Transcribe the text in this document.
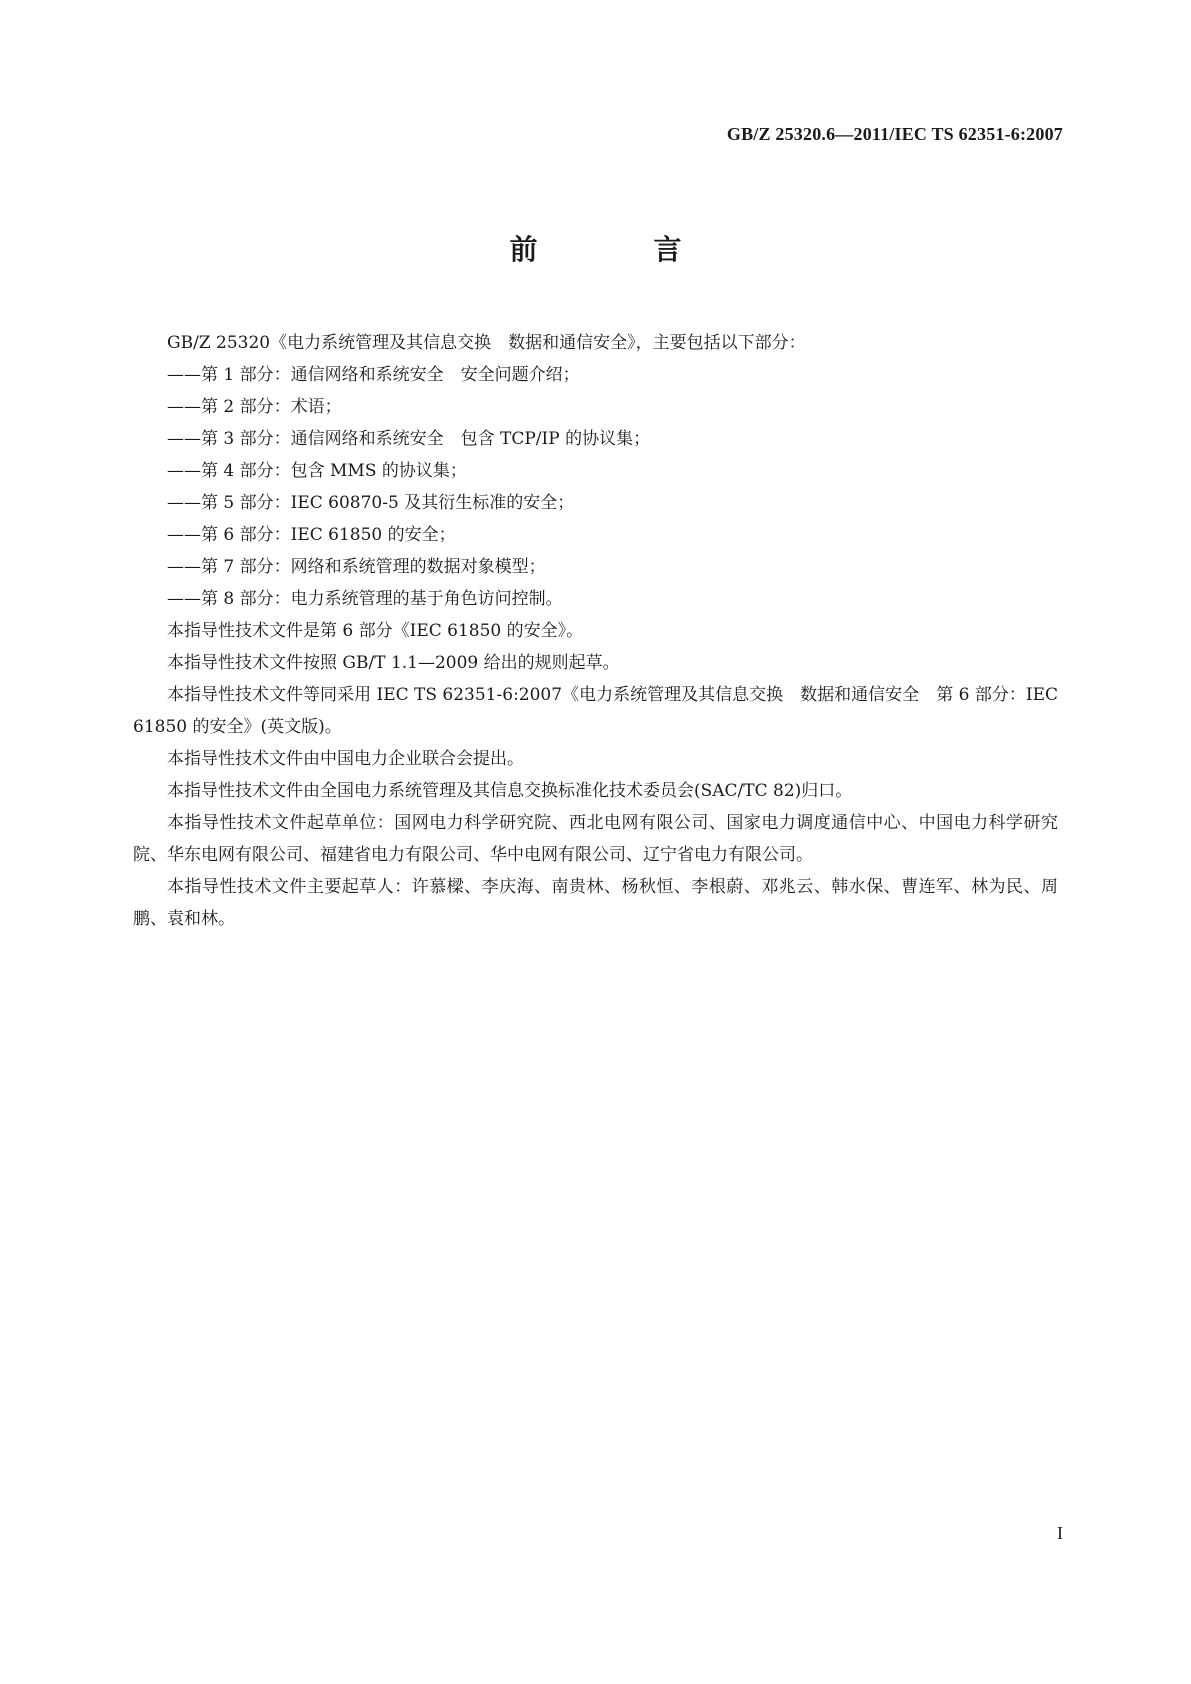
GB/Z 25320.6—2011/IEC TS 62351-6:2007
前　言

GB/Z 25320《电力系统管理及其信息交换　数据和通信安全》，主要包括以下部分：

——第 1 部分：通信网络和系统安全　安全问题介绍；

——第 2 部分：术语；

——第 3 部分：通信网络和系统安全　包含 TCP/IP 的协议集；

——第 4 部分：包含 MMS 的协议集；

——第 5 部分：IEC 60870-5 及其衍生标准的安全；

——第 6 部分：IEC 61850 的安全；

——第 7 部分：网络和系统管理的数据对象模型；

——第 8 部分：电力系统管理的基于角色访问控制。

本指导性技术文件是第 6 部分《IEC 61850 的安全》。

本指导性技术文件按照 GB/T 1.1—2009 给出的规则起草。

本指导性技术文件等同采用 IEC TS 62351-6:2007《电力系统管理及其信息交换　数据和通信安全　第 6 部分：IEC 61850 的安全》(英文版)。

本指导性技术文件由中国电力企业联合会提出。

本指导性技术文件由全国电力系统管理及其信息交换标准化技术委员会(SAC/TC 82)归口。

本指导性技术文件起草单位：国网电力科学研究院、西北电网有限公司、国家电力调度通信中心、中国电力科学研究院、华东电网有限公司、福建省电力有限公司、华中电网有限公司、辽宁省电力有限公司。

本指导性技术文件主要起草人：许慕樑、李庆海、南贵林、杨秋恒、李根蔚、邓兆云、韩水保、曹连军、林为民、周鹏、袁和林。

I
